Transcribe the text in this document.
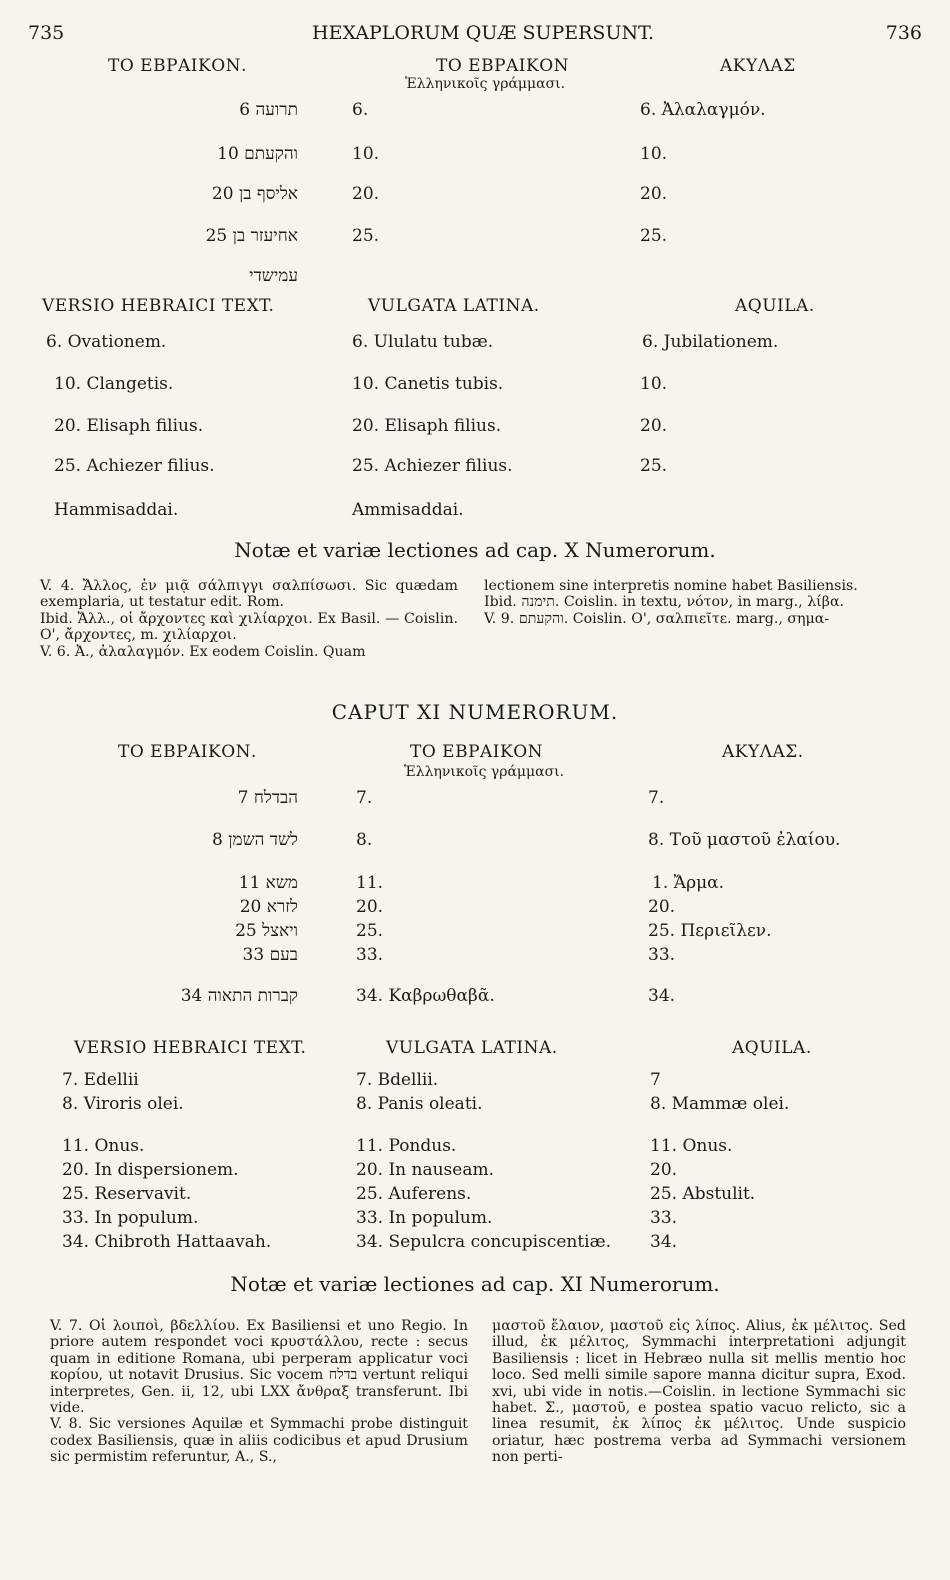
735	HEXAPLORUM QUÆ SUPERSUNT.	736
ΤΟ ΕΒΡΑΙΚΟΝ.	ΤΟ ΕΒΡΑΙΚΟΝ
Ἑλληνικοῖς γράμμασι.
ΑΚΥΛΑΣ
תרועה 6	6.	6. Ἀλαλαγμόν.
והקעתם 10	10.	10.
אליסף בן 20	20.	20.
אחיעזר בן 25	25.	25.
עמישדי
VERSIO HEBRAICI TEXT.	VULGATA LATINA.	AQUILA.
6. Ovationem.	6. Ululatu tubæ.	6. Jubilationem.
10. Clangetis.	10. Canetis tubis.	10.
20. Elisaph filius.	20. Elisaph filius.	20.
25. Achiezer filius.	25. Achiezer filius.	25.
Hammisaddai.	Ammisaddai.
Notæ et variæ lectiones ad cap. X Numerorum.

V. 4. Ἄλλος, ἐν μιᾷ σάλπιγγι σαλπίσωσι. Sic quædam exemplaria, ut testatur edit. Rom.

Ibid. Ἄλλ., οἱ ἄρχοντες καὶ χιλίαρχοι. Ex Basil. — Coislin. Ο', ἄρχοντες, m. χιλίαρχοι.

V. 6. Ἀ., ἀλαλαγμόν. Ex eodem Coislin. Quam

lectionem sine interpretis nomine habet Basiliensis.

Ibid. תימנה. Coislin. in textu, νότον, in marg., λίβα.

V. 9. והקעתם. Coislin. Ο', σαλπιεῖτε. marg., σημα-

CAPUT XI NUMERORUM.
ΤΟ ΕΒΡΑΙΚΟΝ.	ΤΟ ΕΒΡΑΙΚΟΝ
Ἑλληνικοῖς γράμμασι.
ΑΚΥΛΑΣ.
הבדלח 7	7.	7.
לשד השמן 8	8.	8. Τοῦ μαστοῦ ἐλαίου.
משא 11	11.	1. Ἄρμα.
לזרא 20	20.	20.
ויאצל 25	25.	25. Περιεῖλεν.
בעם 33	33.	33.
קברות התאוה 34	34. Καβρωθαβᾶ.	34.
VERSIO HEBRAICI TEXT.	VULGATA LATINA.	AQUILA.
7. Edellii	7. Bdellii.	7
8. Viroris olei.	8. Panis oleati.	8. Mammæ olei.
11. Onus.	11. Pondus.	11. Onus.
20. In dispersionem.	20. In nauseam.	20.
25. Reservavit.	25. Auferens.	25. Abstulit.
33. In populum.	33. In populum.	33.
34. Chibroth Hattaavah.	34. Sepulcra concupiscentiæ. 34.
Notæ et variæ lectiones ad cap. XI Numerorum.

V. 7. Οἱ λοιποὶ, βδελλίου. Ex Basiliensi et uno Regio. In priore autem respondet voci κρυστάλλου, recte : secus quam in editione Romana, ubi perperam applicatur voci κορίου, ut notavit Drusius. Sic vocem בדלח vertunt reliqui interpretes, Gen. ii, 12, ubi LXX ἄνθραξ transferunt. Ibi vide.

V. 8. Sic versiones Aquilæ et Symmachi probe distinguit codex Basiliensis, quæ in aliis codicibus et apud Drusium sic permistim referuntur, A., S.,

μαστοῦ ἔλαιον, μαστοῦ εἰς λίπος. Alius, ἐκ μέλιτος. Sed illud, ἐκ μέλιτος, Symmachi interpretationi adjungit Basiliensis : licet in Hebræo nulla sit mellis mentio hoc loco. Sed melli simile sapore manna dicitur supra, Exod. xvi, ubi vide in notis.—Coislin. in lectione Symmachi sic habet. Σ., μαστοῦ, e postea spatio vacuo relicto, sic a linea resumit, ἐκ λίπος ἐκ μέλιτος. Unde suspicio oriatur, hæc postrema verba ad Symmachi versionem non perti-
